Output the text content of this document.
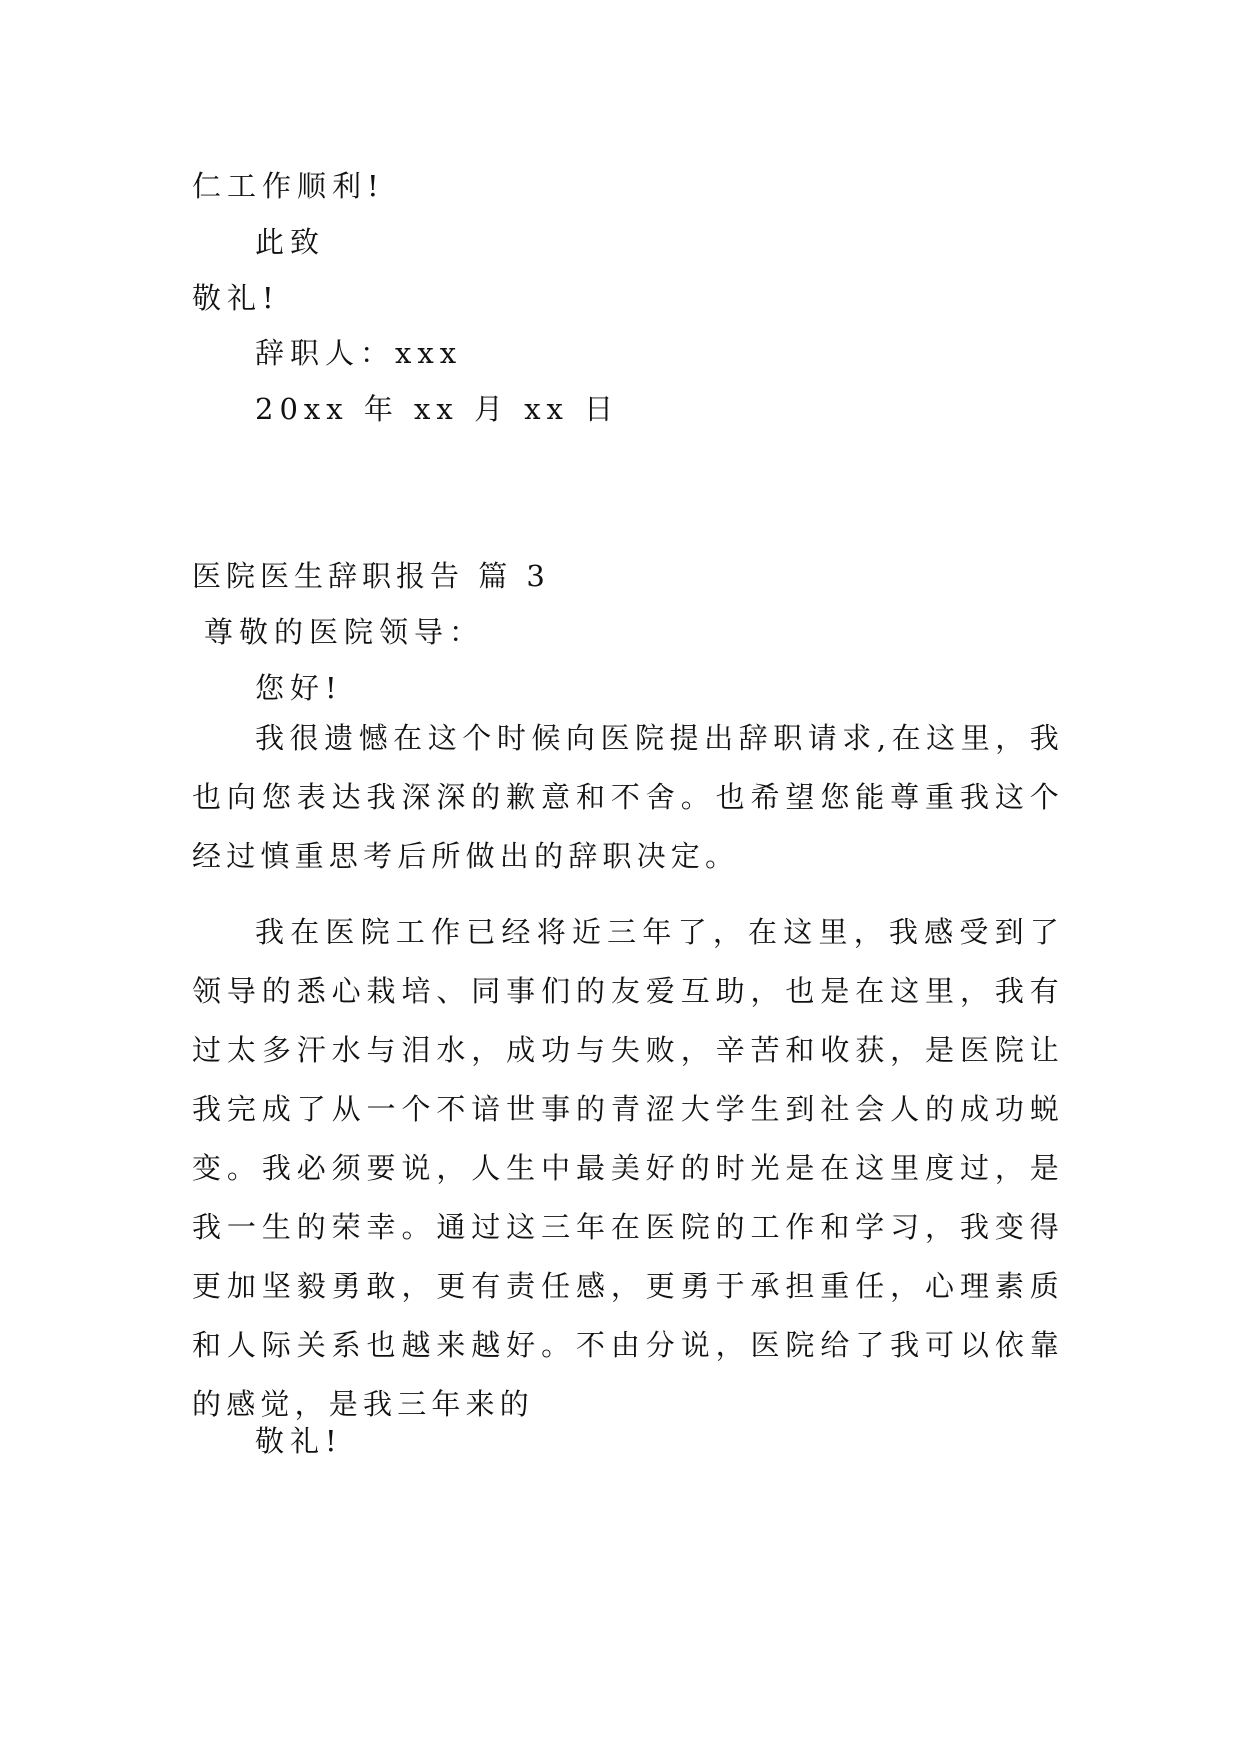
仁工作顺利!
此致
敬礼!
辞职人：xxx
20xx 年 xx 月 xx 日
医院医生辞职报告 篇 3
尊敬的医院领导：
您好!
我很遗憾在这个时候向医院提出辞职请求,在这里，我也向您表达我深深的歉意和不舍。也希望您能尊重我这个经过慎重思考后所做出的辞职决定。
我在医院工作已经将近三年了，在这里，我感受到了领导的悉心栽培、同事们的友爱互助，也是在这里，我有过太多汗水与泪水，成功与失败，辛苦和收获，是医院让我完成了从一个不谙世事的青涩大学生到社会人的成功蜕变。我必须要说，人生中最美好的时光是在这里度过，是我一生的荣幸。通过这三年在医院的工作和学习，我变得更加坚毅勇敢，更有责任感，更勇于承担重任，心理素质和人际关系也越来越好。不由分说，医院给了我可以依靠的感觉，是我三年来的
敬礼!
